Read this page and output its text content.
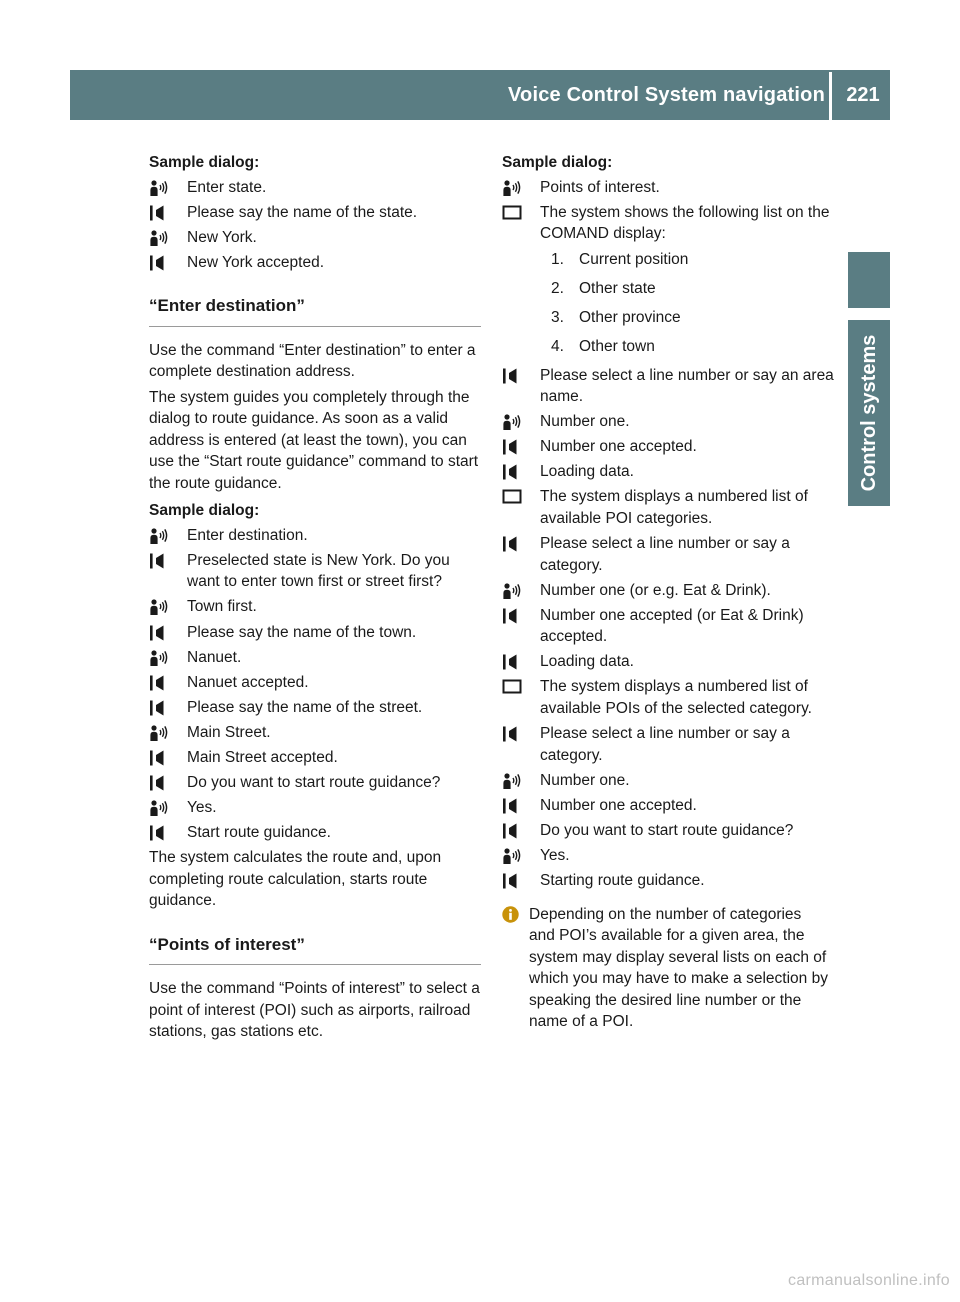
Voice Control System navigation	221
Control systems
Sample dialog:
Enter state.
Please say the name of the state.
New York.
New York accepted.
“Enter destination”

Use the command “Enter destination” to enter a complete destination address.

The system guides you completely through the dialog to route guidance. As soon as a valid address is entered (at least the town), you can use the “Start route guidance” command to start the route guidance.

Sample dialog:
Enter destination.
Preselected state is New York. Do you want to enter town first or street first?
Town first.
Please say the name of the town.
Nanuet.
Nanuet accepted.
Please say the name of the street.
Main Street.
Main Street accepted.
Do you want to start route guidance?
Yes.
Start route guidance.

The system calculates the route and, upon completing route calculation, starts route guidance.

“Points of interest”

Use the command “Points of interest” to select a point of interest (POI) such as airports, railroad stations, gas stations etc.

Sample dialog:
Points of interest.
The system shows the following list on the COMAND display:
1. Current position
2. Other state
3. Other province
4. Other town
Please select a line number or say an area name.
Number one.
Number one accepted.
Loading data.
The system displays a numbered list of available POI categories.
Please select a line number or say a category.
Number one (or e.g. Eat & Drink).
Number one accepted (or Eat & Drink) accepted.
Loading data.
The system displays a numbered list of available POIs of the selected category.
Please select a line number or say a category.
Number one.
Number one accepted.
Do you want to start route guidance?
Yes.
Starting route guidance.
Depending on the number of categories
and POI’s available for a given area, the
system may display several lists on each of
which you may have to make a selection by
speaking the desired line number or the
name of a POI.
carmanualsonline.info
